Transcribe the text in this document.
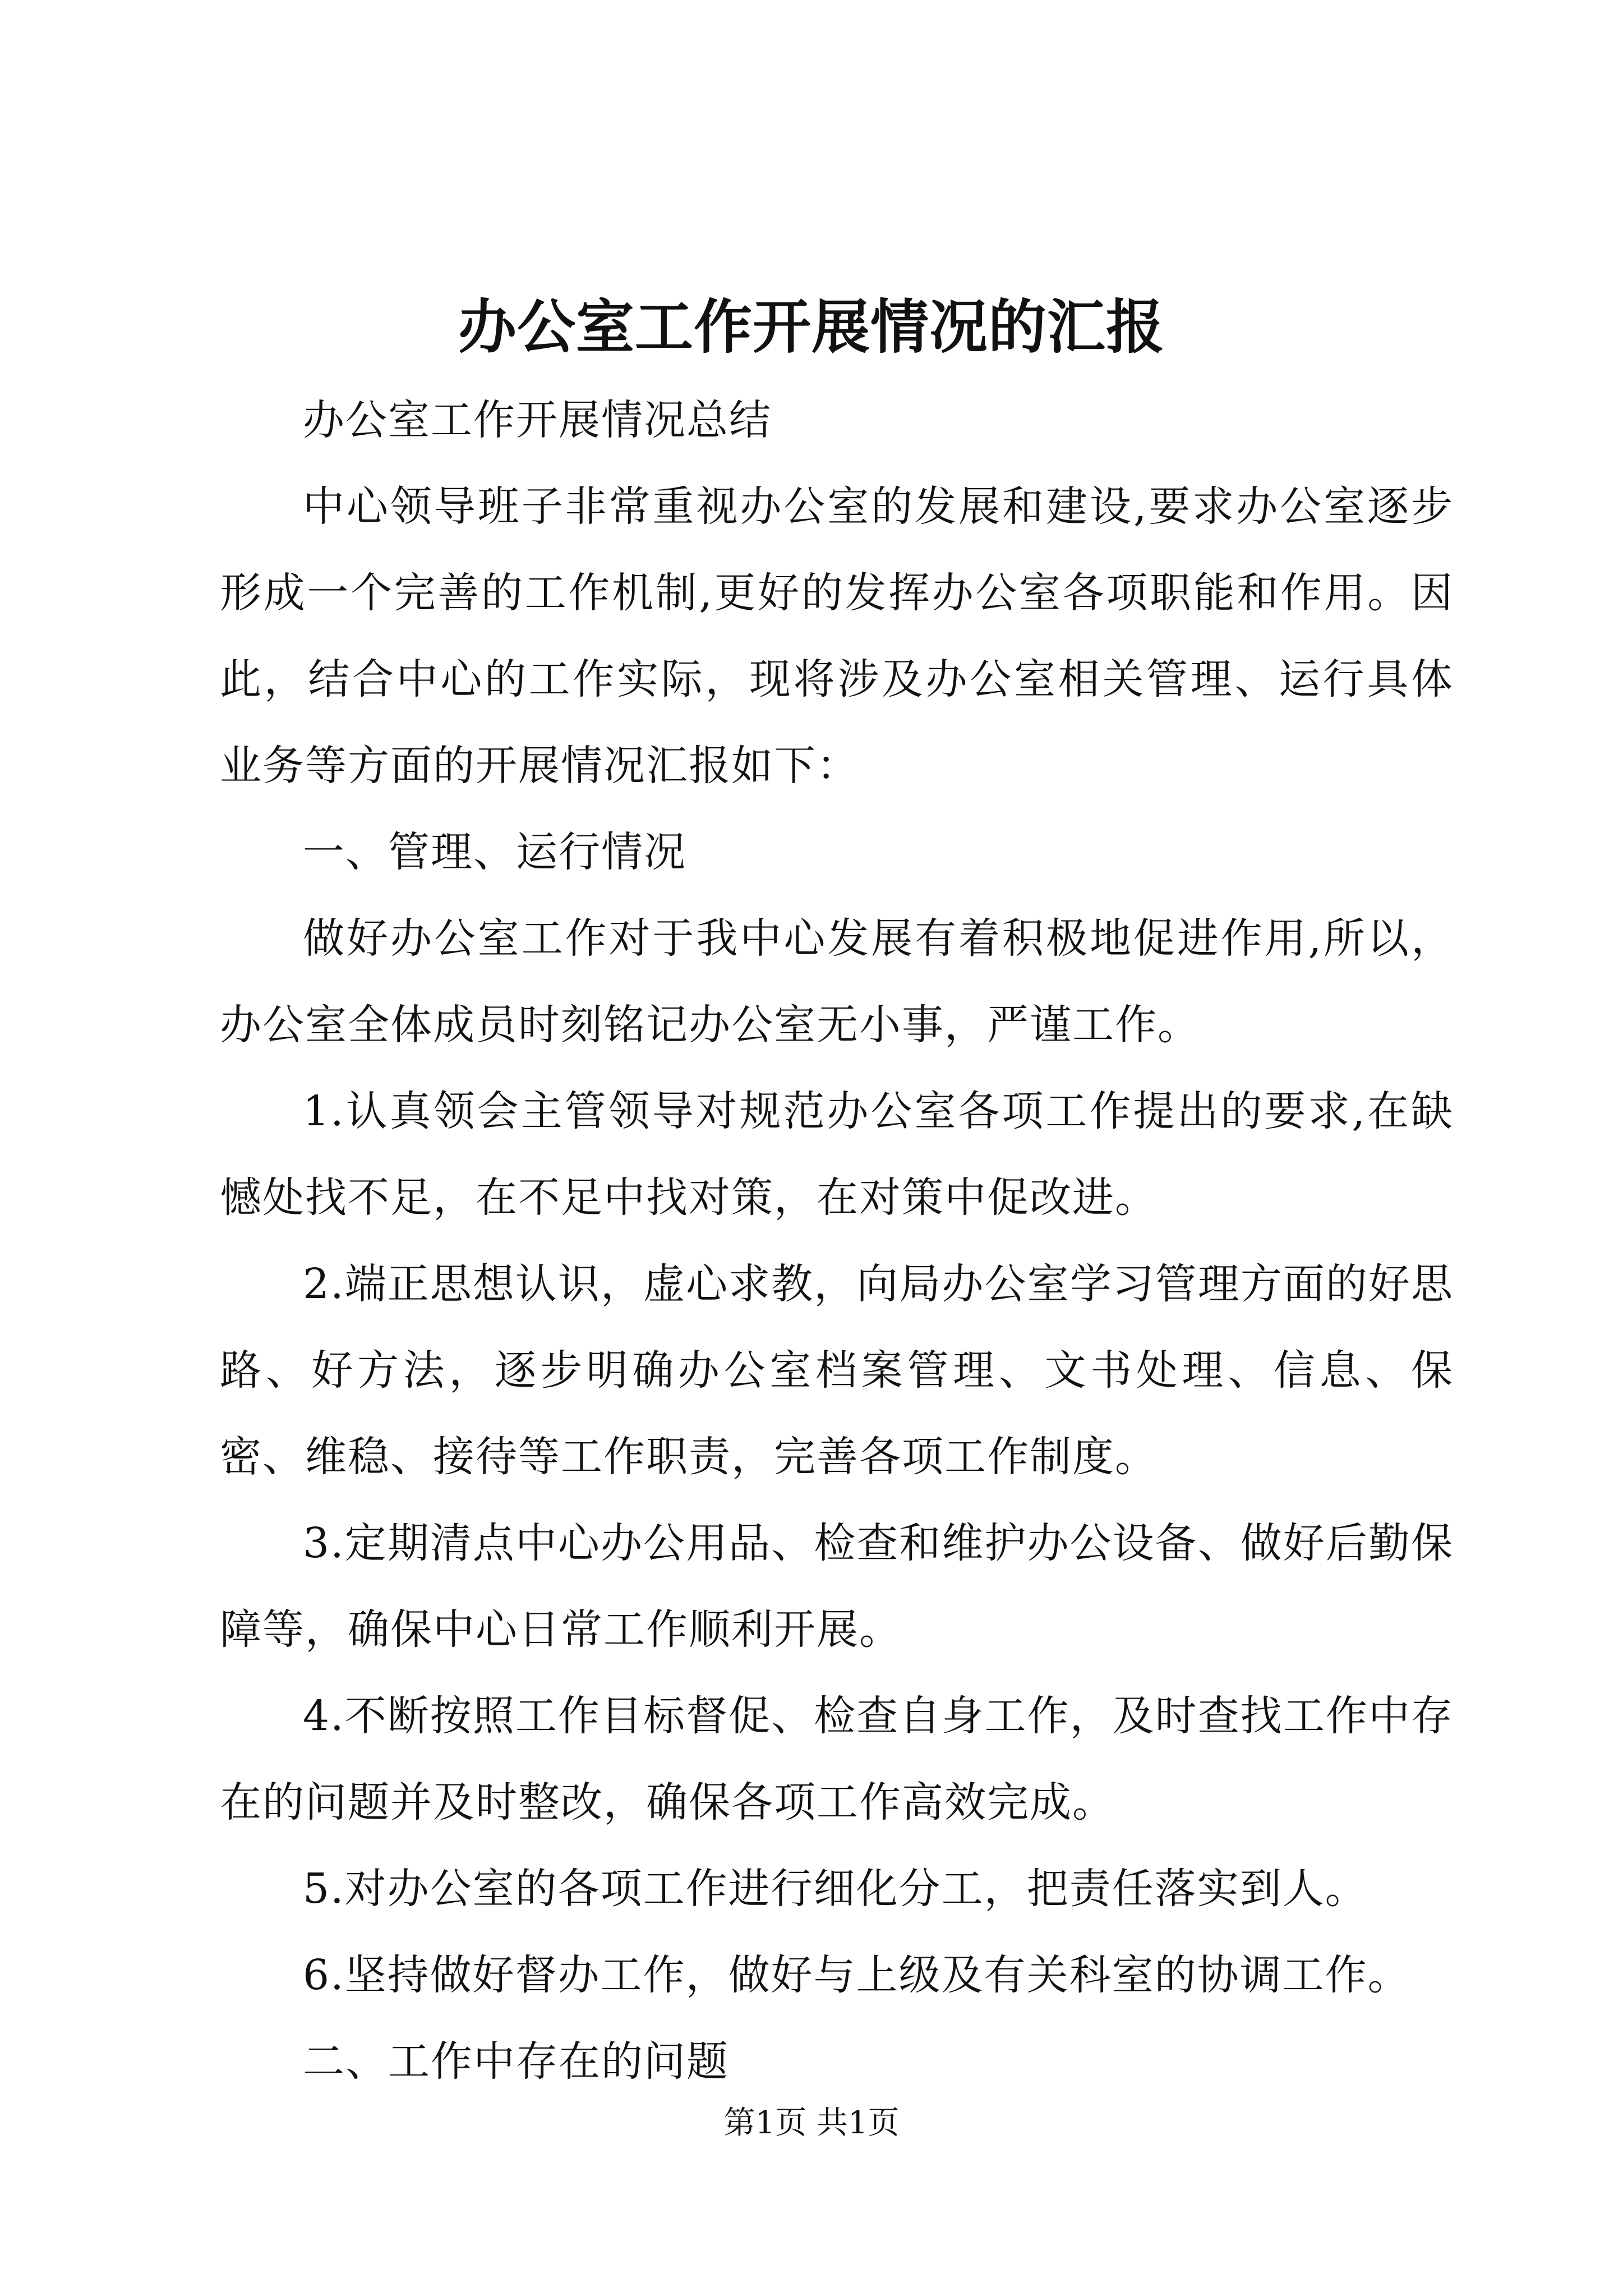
办公室工作开展情况的汇报

办公室工作开展情况总结

中心领导班子非常重视办公室的发展和建设,要求办公室逐步形成一个完善的工作机制,更好的发挥办公室各项职能和作用。因此，结合中心的工作实际，现将涉及办公室相关管理、运行具体业务等方面的开展情况汇报如下：

一、管理、运行情况

做好办公室工作对于我中心发展有着积极地促进作用,所以，办公室全体成员时刻铭记办公室无小事，严谨工作。

1.认真领会主管领导对规范办公室各项工作提出的要求,在缺憾处找不足，在不足中找对策，在对策中促改进。

2.端正思想认识，虚心求教，向局办公室学习管理方面的好思路、好方法，逐步明确办公室档案管理、文书处理、信息、保密、维稳、接待等工作职责，完善各项工作制度。

3.定期清点中心办公用品、检查和维护办公设备、做好后勤保障等，确保中心日常工作顺利开展。

4.不断按照工作目标督促、检查自身工作，及时查找工作中存在的问题并及时整改，确保各项工作高效完成。

5.对办公室的各项工作进行细化分工，把责任落实到人。

6.坚持做好督办工作，做好与上级及有关科室的协调工作。

二、工作中存在的问题

第1页 共1页
